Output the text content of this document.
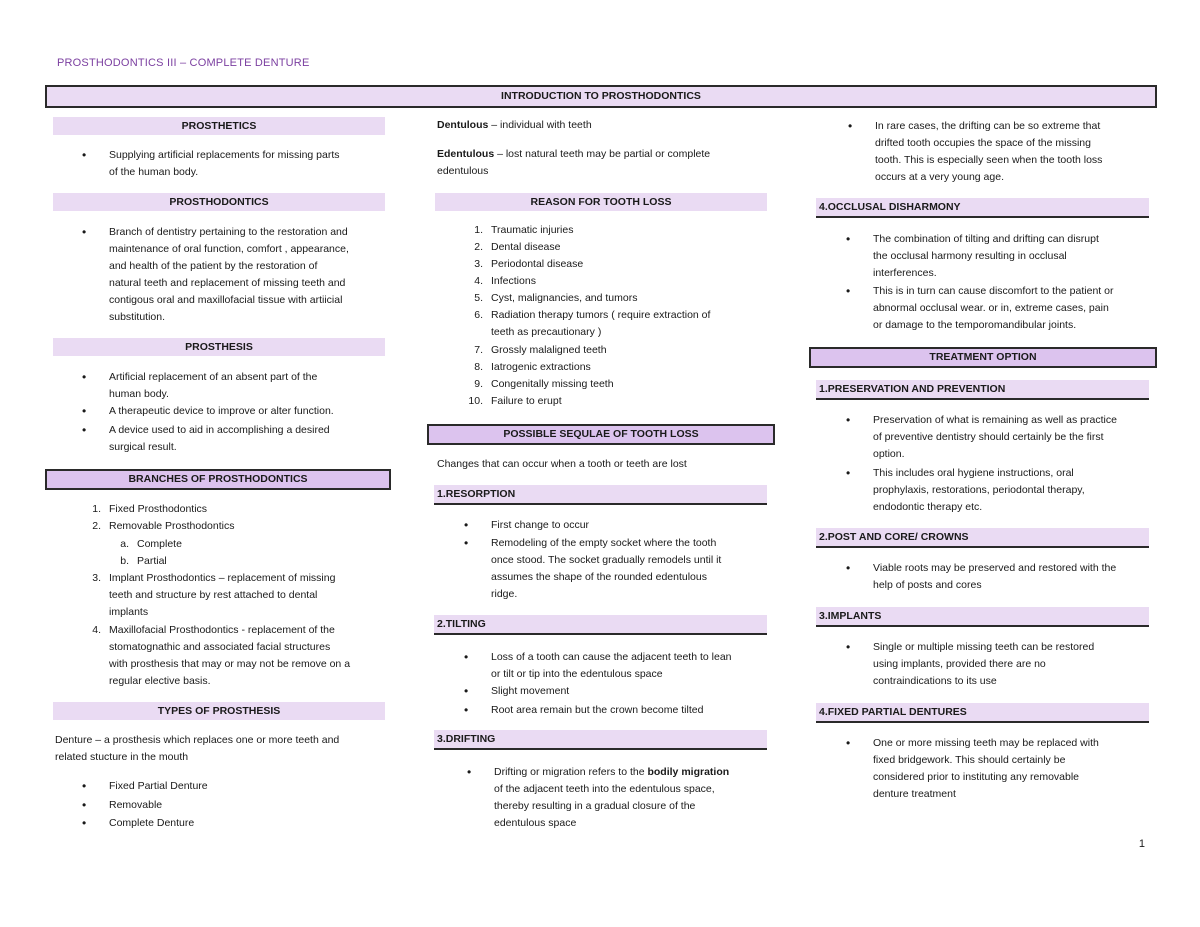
PROSTHODONTICS III – COMPLETE DENTURE
INTRODUCTION TO PROSTHODONTICS
PROSTHETICS
• Supplying artificial replacements for missing parts
of the human body.
PROSTHODONTICS
• Branch of dentistry pertaining to the restoration and
maintenance of oral function, comfort , appearance,
and health of the patient by the restoration of
natural teeth and replacement of missing teeth and
contigous oral and maxillofacial tissue with artiicial
substitution.
PROSTHESIS
• Artificial replacement of an absent part of the
human body.
• A therapeutic device to improve or alter function.
• A device used to aid in accomplishing a desired
surgical result.
BRANCHES OF PROSTHODONTICS
1. Fixed Prosthodontics
2. Removable Prosthodontics
a. Complete
b. Partial
3. Implant Prosthodontics – replacement of missing
teeth and structure by rest attached to dental
implants
4. Maxillofacial Prosthodontics - replacement of the
stomatognathic and associated facial structures
with prosthesis that may or may not be remove on a
regular elective basis.
TYPES OF PROSTHESIS
Denture – a prosthesis which replaces one or more teeth and
related stucture in the mouth
• Fixed Partial Denture
• Removable
• Complete Denture
Dentulous – individual with teeth
Edentulous – lost natural teeth may be partial or complete
edentulous
REASON FOR TOOTH LOSS
1. Traumatic injuries
2. Dental disease
3. Periodontal disease
4. Infections
5. Cyst, malignancies, and tumors
6. Radiation therapy tumors ( require extraction of
teeth as precautionary )
7. Grossly malaligned teeth
8. Iatrogenic extractions
9. Congenitally missing teeth
10. Failure to erupt
POSSIBLE SEQULAE OF TOOTH LOSS
Changes that can occur when a tooth or teeth are lost
1.RESORPTION
• First change to occur
• Remodeling of the empty socket where the tooth
once stood. The socket gradually remodels until it
assumes the shape of the rounded edentulous
ridge.
2.TILTING
• Loss of a tooth can cause the adjacent teeth to lean
or tilt or tip into the edentulous space
• Slight movement
• Root area remain but the crown become tilted
3.DRIFTING
• Drifting or migration refers to the bodily migration
of the adjacent teeth into the edentulous space,
thereby resulting in a gradual closure of the
edentulous space
• In rare cases, the drifting can be so extreme that
drifted tooth occupies the space of the missing
tooth. This is especially seen when the tooth loss
occurs at a very young age.
4.OCCLUSAL DISHARMONY
• The combination of tilting and drifting can disrupt
the occlusal harmony resulting in occlusal
interferences.
• This is in turn can cause discomfort to the patient or
abnormal occlusal wear. or in, extreme cases, pain
or damage to the temporomandibular joints.
TREATMENT OPTION
1.PRESERVATION AND PREVENTION
• Preservation of what is remaining as well as practice
of preventive dentistry should certainly be the first
option.
• This includes oral hygiene instructions, oral
prophylaxis, restorations, periodontal therapy,
endodontic therapy etc.
2.POST AND CORE/ CROWNS
• Viable roots may be preserved and restored with the
help of posts and cores
3.IMPLANTS
• Single or multiple missing teeth can be restored
using implants, provided there are no
contraindications to its use
4.FIXED PARTIAL DENTURES
• One or more missing teeth may be replaced with
fixed bridgework. This should certainly be
considered prior to instituting any removable
denture treatment
1
